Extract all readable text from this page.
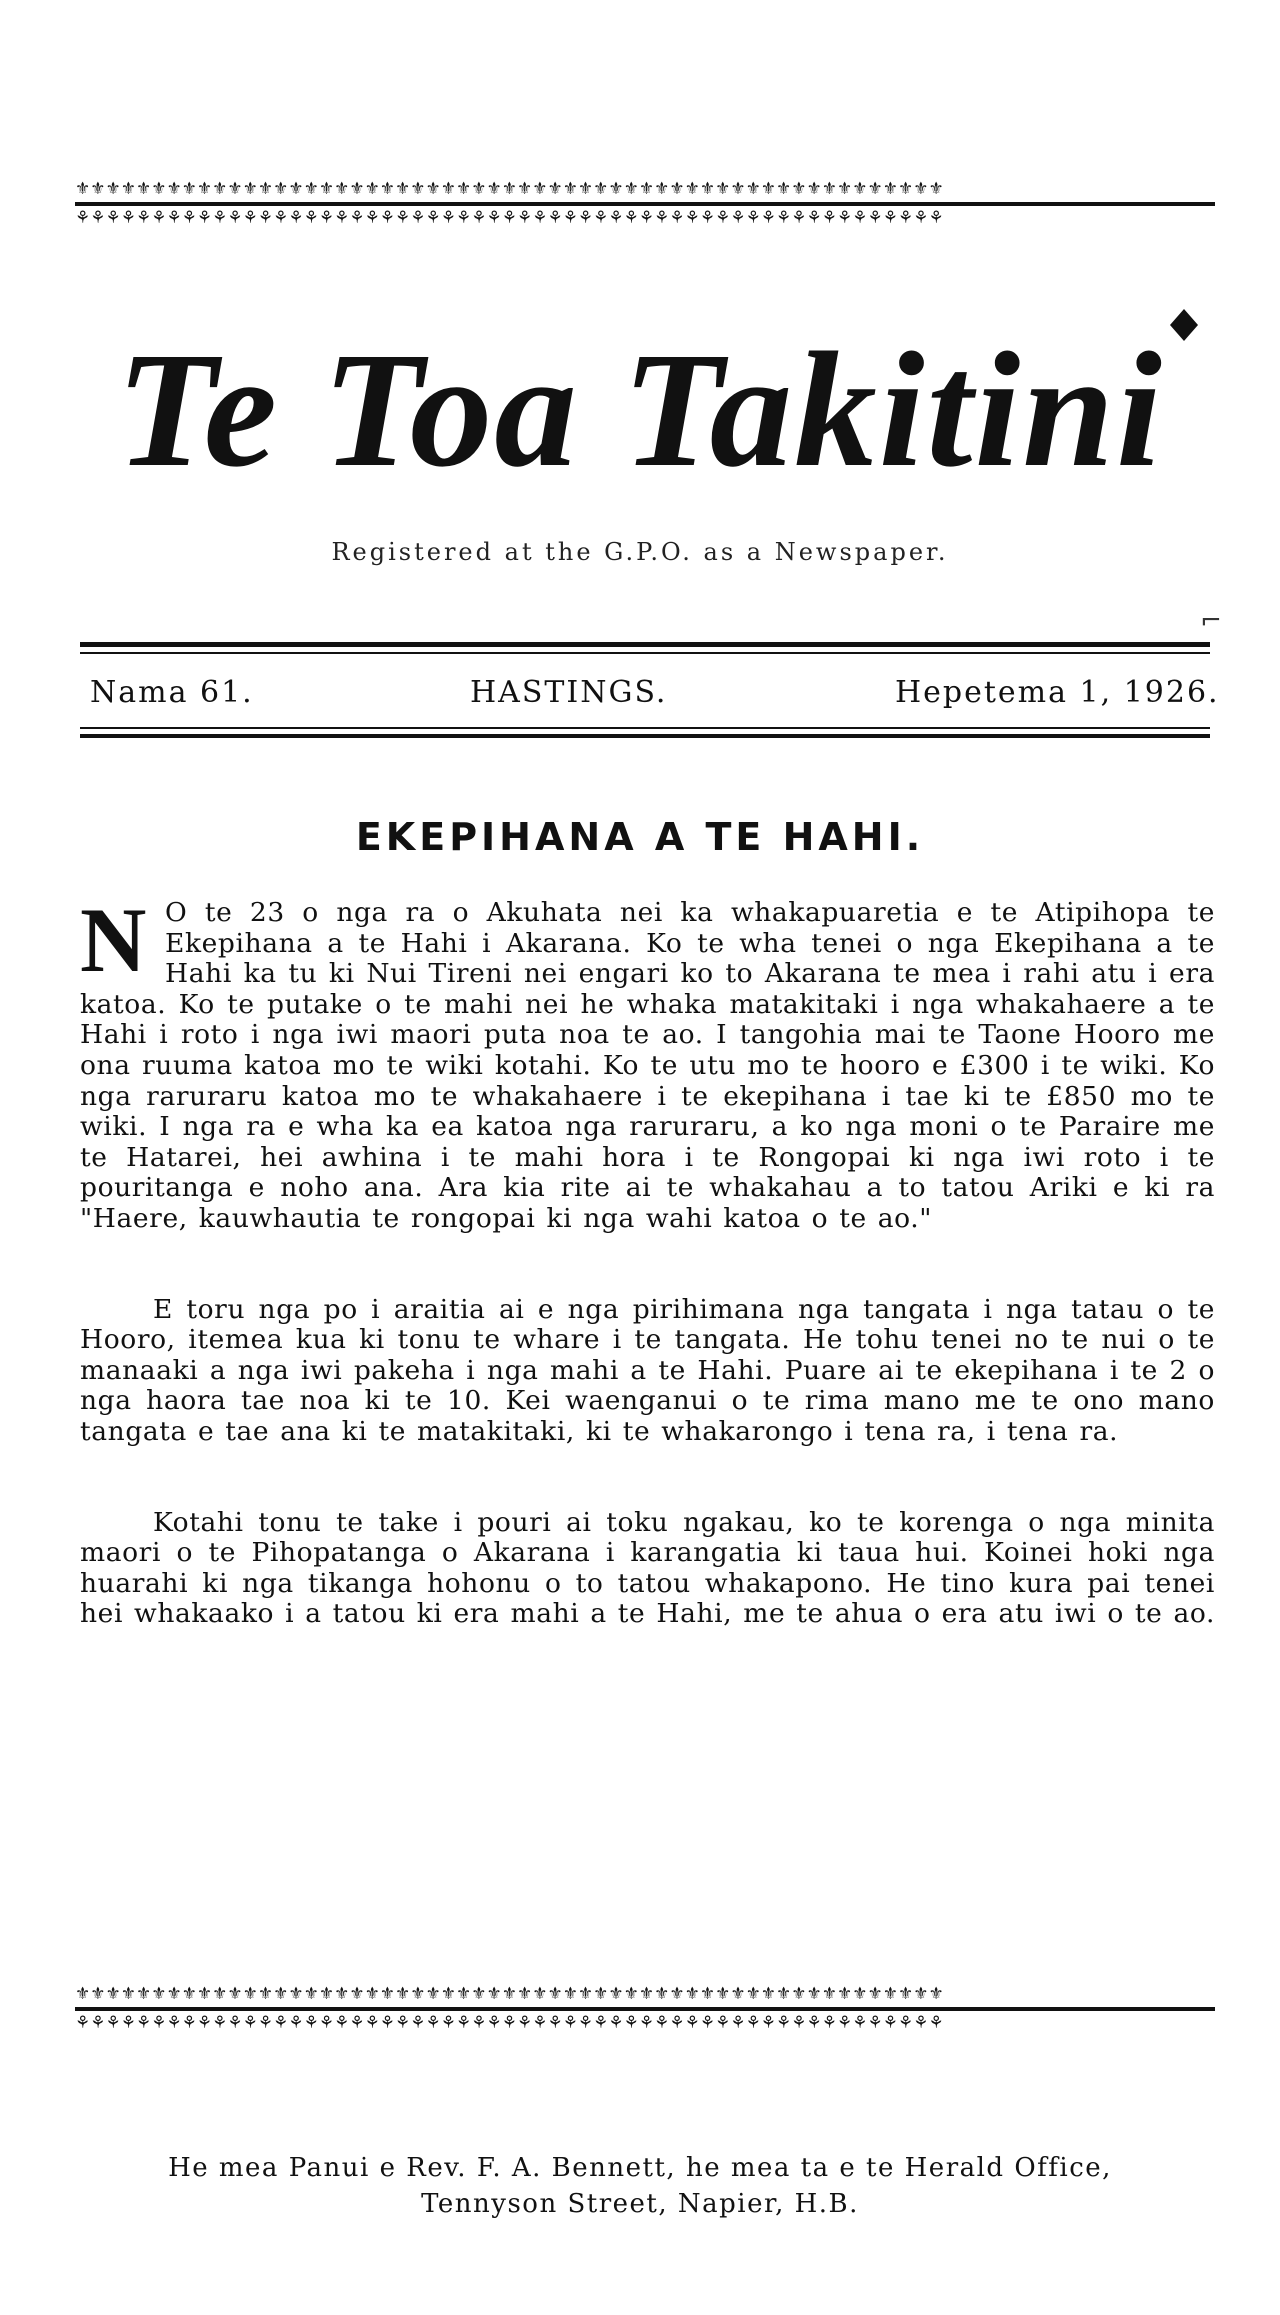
⚜⚜⚜⚜⚜⚜⚜⚜⚜⚜⚜⚜⚜⚜⚜⚜⚜⚜⚜⚜⚜⚜⚜⚜⚜⚜⚜⚜⚜⚜⚜⚜⚜⚜⚜⚜⚜⚜⚜⚜⚜⚜⚜⚜⚜⚜⚜⚜⚜⚜⚜⚜⚜⚜⚜⚜⚜
⚘⚘⚘⚘⚘⚘⚘⚘⚘⚘⚘⚘⚘⚘⚘⚘⚘⚘⚘⚘⚘⚘⚘⚘⚘⚘⚘⚘⚘⚘⚘⚘⚘⚘⚘⚘⚘⚘⚘⚘⚘⚘⚘⚘⚘⚘⚘⚘⚘⚘⚘⚘⚘⚘⚘⚘⚘
Te Toa Takitini
Registered at the G.P.O. as a Newspaper.
⌐
Nama 61.	HASTINGS.	Hepetema 1, 1926.
EKEPIHANA A TE HAHI.

N O te 23 o nga ra o Akuhata nei ka whakapuaretia e te Atipihopa te Ekepihana a te Hahi i Akarana. Ko te wha tenei o nga Ekepihana a te Hahi ka tu ki Nui Tireni nei engari ko to Akarana te mea i rahi atu i era katoa. Ko te putake o te mahi nei he whaka matakitaki i nga whakahaere a te Hahi i roto i nga iwi maori puta noa te ao. I tangohia mai te Taone Hooro me ona ruuma katoa mo te wiki kotahi. Ko te utu mo te hooro e £300 i te wiki. Ko nga raruraru katoa mo te whakahaere i te ekepihana i tae ki te £850 mo te wiki. I nga ra e wha ka ea katoa nga raruraru, a ko nga moni o te Paraire me te Hatarei, hei awhina i te mahi hora i te Rongopai ki nga iwi roto i te pouritanga e noho ana. Ara kia rite ai te whakahau a to tatou Ariki e ki ra "Haere, kauwhautia te rongopai ki nga wahi katoa o te ao."

E toru nga po i araitia ai e nga pirihimana nga tangata i nga tatau o te Hooro, itemea kua ki tonu te whare i te tangata. He tohu tenei no te nui o te manaaki a nga iwi pakeha i nga mahi a te Hahi. Puare ai te ekepihana i te 2 o nga haora tae noa ki te 10. Kei waenganui o te rima mano me te ono mano tangata e tae ana ki te matakitaki, ki te whakarongo i tena ra, i tena ra.

Kotahi tonu te take i pouri ai toku ngakau, ko te korenga o nga minita maori o te Pihopatanga o Akarana i karangatia ki taua hui. Koinei hoki nga huarahi ki nga tikanga hohonu o to tatou whakapono. He tino kura pai tenei hei whakaako i a tatou ki era mahi a te Hahi, me te ahua o era atu iwi o te ao.

⚜⚜⚜⚜⚜⚜⚜⚜⚜⚜⚜⚜⚜⚜⚜⚜⚜⚜⚜⚜⚜⚜⚜⚜⚜⚜⚜⚜⚜⚜⚜⚜⚜⚜⚜⚜⚜⚜⚜⚜⚜⚜⚜⚜⚜⚜⚜⚜⚜⚜⚜⚜⚜⚜⚜⚜⚜
⚘⚘⚘⚘⚘⚘⚘⚘⚘⚘⚘⚘⚘⚘⚘⚘⚘⚘⚘⚘⚘⚘⚘⚘⚘⚘⚘⚘⚘⚘⚘⚘⚘⚘⚘⚘⚘⚘⚘⚘⚘⚘⚘⚘⚘⚘⚘⚘⚘⚘⚘⚘⚘⚘⚘⚘⚘
He mea Panui e Rev. F. A. Bennett, he mea ta e te Herald Office,
Tennyson Street, Napier, H.B.
